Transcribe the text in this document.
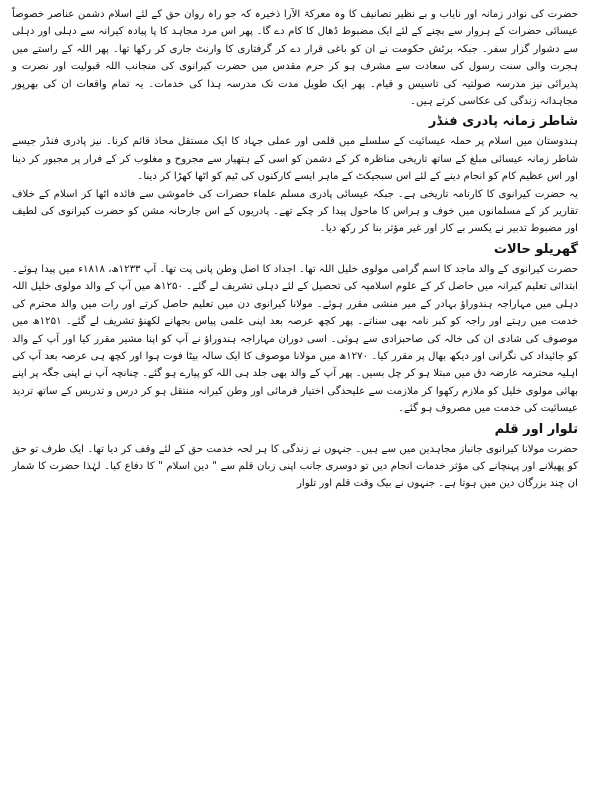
حضرت کی نوادر زمانہ اور نایاب و بے نظیر تصانیف کا وہ معرکۃ الآرا ذخیرہ کہ جو راہ روان حق کے لئے اسلام دشمن عناصر خصوصاً عیسائی حضرات کے ہروار سے بچنے کے لئے ایک مضبوط ڈھال کا کام دے گا۔ پھر اس مرد مجاہد کا پا پیادہ کیرانہ سے دہلی اور دہلی سے دشوار گزار سفر۔ جبکہ برٹش حکومت نے ان کو باغی قرار دے کر گرفتاری کا وارنٹ جاری کر رکھا تھا۔ پھر اللہ کے راستے میں ہجرت والی سنت رسول کی سعادت سے مشرف ہو کر حرم مقدس میں حضرت کیرانوی کی منجانب اللہ قبولیت اور نصرت و پذیرائی نیز مدرسہ صولتیہ کی تاسیس و قیام۔ پھر ایک طویل مدت تک مدرسہ ہذا کی خدمات۔ یہ تمام واقعات ان کی بھرپور مجاہدانہ زندگی کی عکاسی کرتے ہیں۔

شاطر زمانہ پادری فنڈر

ہندوستان میں اسلام پر حملہ عیسائیت کے سلسلے میں قلمی اور عملی جہاد کا ایک مستقل محاذ قائم کرنا۔ نیز پادری فنڈر جیسے شاطر زمانہ عیسائی مبلغ کے ساتھ تاریخی مناظرہ کر کے دشمن کو اسی کے ہتھیار سے مجروح و مغلوب کر کے فرار پر مجبور کر دینا اور اس عظیم کام کو انجام دینے کے لئے اس سبجیکٹ کے ماہر ایسے کارکنوں کی ٹیم کو اٹھا کھڑا کر دینا۔

یہ حضرت کیرانوی کا کارنامہ تاریخی ہے۔ جبکہ عیسائی پادری مسلم علماء حضرات کی خاموشی سے فائدہ اٹھا کر اسلام کے خلاف تقاریر کر کے مسلمانوں میں خوف و ہراس کا ماحول پیدا کر چکے تھے۔ پادریوں کے اس جارحانہ مشن کو حضرت کیرانوی کی لطیف اور مضبوط تدبیر نے یکسر بے کار اور غیر مؤثر بنا کر رکھ دیا۔

گھریلو حالات

حضرت کیرانوی کے والد ماجد کا اسم گرامی مولوی خلیل اللہ تھا۔ اجداد کا اصل وطن پانی پت تھا۔ آپ ۱۲۳۳ھ، ۱۸۱۸ء میں پیدا ہوئے۔ ابتدائی تعلیم کیرانہ میں حاصل کر کے علوم اسلامیہ کی تحصیل کے لئے دہلی تشریف لے گئے۔ ۱۲۵۰ھ میں آپ کے والد مولوی خلیل اللہ دہلی میں مہاراجہ ہندوراؤ بہادر کے میر منشی مقرر ہوئے۔ مولانا کیرانوی دن میں تعلیم حاصل کرتے اور رات میں والد محترم کی خدمت میں رہتے اور راجہ کو کبر نامہ بھی سناتے۔ پھر کچھ عرصہ بعد اپنی علمی پیاس بجھانے لکھنؤ تشریف لے گئے۔ ۱۲۵۱ھ میں موصوف کی شادی ان کی خالہ کی صاحبزادی سے ہوئی۔ اسی دوران مہاراجہ ہندوراؤ نے آپ کو اپنا مشیر مقرر کیا اور آپ کے والد کو جائیداد کی نگرانی اور دیکھ بھال پر مقرر کیا۔ ۱۲۷۰ھ میں مولانا موصوف کا ایک سالہ بیٹا فوت ہوا اور کچھ ہی عرصہ بعد آپ کی اہلیہ محترمہ عارضہ دق میں مبتلا ہو کر چل بسیں۔ پھر آپ کے والد بھی جلد ہی اللہ کو پیارے ہو گئے۔ چنانچہ آپ نے اپنی جگہ پر اپنے بھائی مولوی خلیل کو ملازم رکھوا کر ملازمت سے علیحدگی اختیار فرمائی اور وطن کیرانہ منتقل ہو کر درس و تدریس کے ساتھ تردید عیسائیت کی خدمت میں مصروف ہو گئے۔

تلوار اور قلم

حضرت مولانا کیرانوی جانباز مجاہدین میں سے ہیں۔ جنہوں نے زندگی کا ہر لحہ خدمت حق کے لئے وقف کر دیا تھا۔ ایک طرف تو حق کو پھیلانے اور پہنچانے کی مؤثر خدمات انجام دیں تو دوسری جانب اپنی زبان قلم سے " دین اسلام " کا دفاع کیا۔ لہٰذا حضرت کا شمار ان چند بزرگان دین میں ہوتا ہے۔ جنہوں نے بیک وقت قلم اور تلوار
